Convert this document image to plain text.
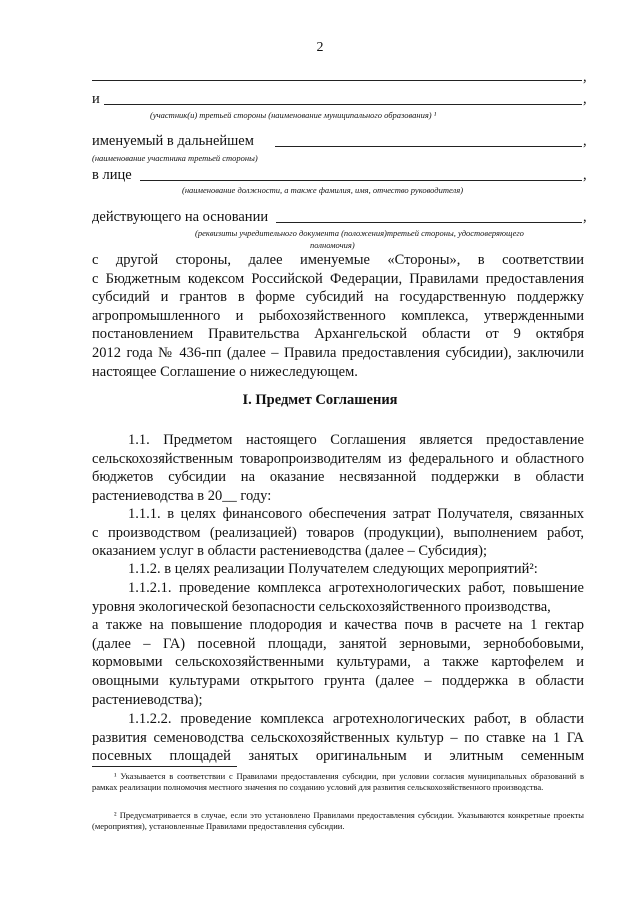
2
,
и	,
(участник(и) третьей стороны (наименование муниципального образования) ¹
именуемый в дальнейшем	,
(наименование участника третьей стороны)
в лице	,
(наименование должности, а также фамилия, имя, отчество руководителя)
действующего на основании	,
(реквизиты учредительного документа (положения)третьей стороны, удостоверяющего
полномочия)
с другой стороны, далее именуемые «Стороны», в соответствии
с Бюджетным кодексом Российской Федерации, Правилами предоставления
субсидий и грантов в форме субсидий на государственную поддержку
агропромышленного и рыбохозяйственного комплекса, утвержденными
постановлением Правительства Архангельской области от 9 октября
2012 года № 436-пп (далее – Правила предоставления субсидии), заключили
настоящее Соглашение о нижеследующем.
I. Предмет Соглашения
1.1. Предметом настоящего Соглашения является предоставление
сельскохозяйственным товаропроизводителям из федерального и областного
бюджетов субсидии на оказание несвязанной поддержки в области
растениеводства в 20__ году:
1.1.1. в целях финансового обеспечения затрат Получателя, связанных
с производством (реализацией) товаров (продукции), выполнением работ,
оказанием услуг в области растениеводства (далее – Субсидия);
1.1.2. в целях реализации Получателем следующих мероприятий²:
1.1.2.1. проведение комплекса агротехнологических работ, повышение
уровня экологической безопасности сельскохозяйственного производства,
а также на повышение плодородия и качества почв в расчете на 1 гектар
(далее – ГА) посевной площади, занятой зерновыми, зернобобовыми,
кормовыми сельскохозяйственными культурами, а также картофелем и
овощными культурами открытого грунта (далее – поддержка в области
растениеводства);
1.1.2.2. проведение комплекса агротехнологических работ, в области
развития семеноводства сельскохозяйственных культур – по ставке на 1 ГА
посевных площадей занятых оригинальным и элитным семенным
¹ Указывается в соответствии с Правилами предоставления субсидии, при условии согласия муниципальных образований в рамках реализации полномочия местного значения по созданию условий для развития сельскохозяйственного производства.
² Предусматривается в случае, если это установлено Правилами предоставления субсидии. Указываются конкретные проекты (мероприятия), установленные Правилами предоставления субсидии.
